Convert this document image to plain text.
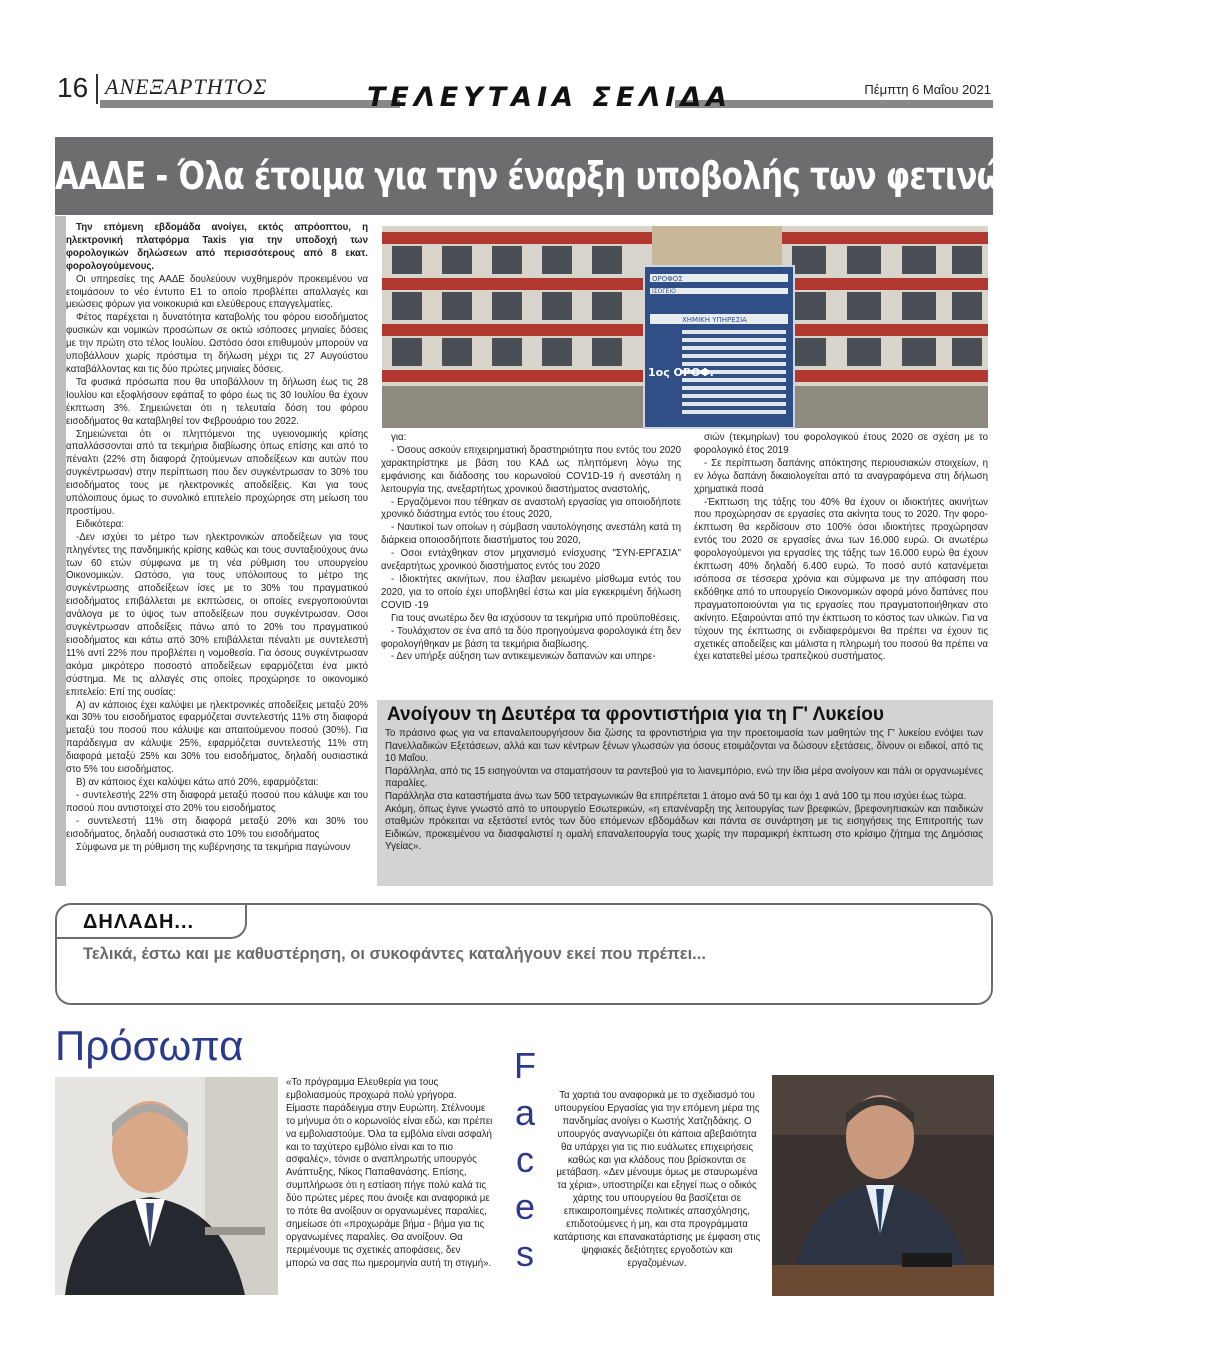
16 ΑΝΕΞΑΡΤΗΤΟΣ	ΤΕΛΕΥΤΑΙΑ ΣΕΛΙΔΑ	Πέμπτη 6 Μαΐου 2021
ΑΑΔΕ - Όλα έτοιμα για την έναρξη υποβολής των φετινών δηλώσεων

Την επόμενη εβδομάδα ανοίγει, εκτός απρόοπτου, η ηλεκτρονική πλατφόρμα Taxis για την υποδοχή των φορολογικών δηλώσεων από περισσότερους από 8 εκατ. φορολογούμενους.

Οι υπηρεσίες της ΑΑΔΕ δουλεύουν νυχθημερόν προκειμένου να ετοιμάσουν το νέο έντυπο Ε1 το οποίο προβλέπει απαλλαγές και μειώσεις φόρων για νοικοκυριά και ελεύθερους επαγγελματίες.

Φέτος παρέχεται η δυνατότητα καταβολής του φόρου εισοδήματος φυσικών και νομικών προσώπων σε οκτώ ισόποσες μηνιαίες δόσεις με την πρώτη στο τέλος Ιουλίου. Ωστόσο όσοι επιθυμούν μπορούν να υποβάλλουν χωρίς πρόστιμα τη δήλωση μέχρι τις 27 Αυγούστου καταβάλλοντας και τις δύο πρώτες μηνιαίες δόσεις.

Τα φυσικά πρόσωπα που θα υποβάλλουν τη δήλωση έως τις 28 Ιουλίου και εξοφλήσουν εφάπαξ το φόρο έως τις 30 Ιουλίου θα έχουν έκπτωση 3%. Σημειώνεται ότι η τελευταία δόση του φόρου εισοδήματος θα καταβληθεί τον Φεβρουάριο του 2022.

Σημειώνεται ότι οι πληττόμενοι της υγειονομικής κρίσης απαλλάσσονται από τα τεκμήρια διαβίωσης όπως επίσης και από το πέναλτι (22% στη διαφορά ζητούμενων αποδείξεων και αυτών που συγκέντρωσαν) στην περίπτωση που δεν συγκέντρωσαν το 30% του εισοδήματος τους με ηλεκτρονικές αποδείξεις. Και για τους υπόλοιπους όμως το συνολικό επιτελείο προχώρησε στη μείωση του προστίμου.

Ειδικότερα:

-Δεν ισχύει το μέτρο των ηλεκτρονικών αποδείξεων για τους πληγέντες της πανδημικής κρίσης καθώς και τους συνταξιούχους άνω των 60 ετών σύμφωνα με τη νέα ρύθμιση του υπουργείου Οικονομικών. Ωστόσο, για τους υπόλοιπους το μέτρο της συγκέντρωσης αποδείξεων ίσες με το 30% του πραγματικού εισοδήματος επιβάλλεται με εκπτώσεις, οι οποίες ενεργοποιούνται ανάλογα με το ύψος των αποδείξεων που συγκέντρωσαν. Οσοι συγκέντρωσαν αποδείξεις πάνω από το 20% του πραγματικού εισοδήματος και κάτω από 30% επιβάλλεται πέναλτι με συντελεστή 11% αντί 22% που προβλέπει η νομοθεσία. Για όσους συγκέντρωσαν ακόμα μικρότερο ποσοστό αποδείξεων εφαρμόζεται ένα μικτό σύστημα. Με τις αλλαγές στις οποίες προχώρησε το οικονομικό επιτελείο: Επί της ουσίας:

Α) αν κάποιος έχει καλύψει με ηλεκτρονικές αποδείξεις μεταξύ 20% και 30% του εισοδήματος εφαρμόζεται συντελεστής 11% στη διαφορά μεταξύ του ποσού που κάλυψε και απαιτούμενου ποσού (30%). Για παράδειγμα αν κάλυψε 25%, εφαρμόζεται συντελεστής 11% στη διαφορά μεταξύ 25% και 30% του εισοδήματος, δηλαδή ουσιαστικά στο 5% του εισοδήματος.

Β) αν κάποιος έχει καλύψει κάτω από 20%, εφαρμόζεται:

- συντελεστής 22% στη διαφορά μεταξύ ποσού που κάλυψε και του ποσού που αντιστοιχεί στο 20% του εισοδήματος

- συντελεστή 11% στη διαφορά μεταξύ 20% και 30% του εισοδήματος, δηλαδή ουσιαστικά στο 10% του εισοδήματος

Σύμφωνα με τη ρύθμιση της κυβέρνησης τα τεκμήρια παγώνουν

ΟΡΟΦΟΣ
ΙΣΟΓΕΙΟ
ΧΗΜΙΚΗ ΥΠΗΡΕΣΙΑ
1ος ΟΡΟΦ.

για:

- Όσους ασκούν επιχειρηματική δραστηριότητα που εντός του 2020 χαρακτηρίστηκε με βάση του ΚΑΔ ως πληττόμενη λόγω της εμφάνισης και διάδοσης του κορωνοϊού COV1D-19 ή ανεστάλη η λειτουργία της, ανεξαρτήτως χρονικού διαστήματος αναστολής,

- Εργαζόμενοι που τέθηκαν σε αναστολή εργασίας για οποιοδήποτε χρονικό διάστημα εντός του έτους 2020,

- Ναυτικοί των οποίων η σύμβαση ναυτολόγησης ανεστάλη κατά τη διάρκεια οποιοσδήποτε διαστήματος του 2020,

- Οσοι εντάχθηκαν στον μηχανισμό ενίσχυσης "ΣΥΝ-ΕΡΓΑΣΙΑ" ανεξαρτήτως χρονικού διαστήματος εντός του 2020

- Ιδιοκτήτες ακινήτων, που έλαβαν μειωμένο μίσθωμα εντός του 2020, για το οποίο έχει υποβληθεί έστω και μία εγκεκριμένη δήλωση COVID -19

Για τους ανωτέρω δεν θα ισχύσουν τα τεκμήρια υπό προϋποθέσεις.

- Τουλάχιστον σε ένα από τα δύο προηγούμενα φορολογικά έτη δεν φορολογήθηκαν με βάση τα τεκμήρια διαβίωσης.

- Δεν υπήρξε αύξηση των αντικειμενικών δαπανών και υπηρε-

σιών (τεκμηρίων) του φορολογικού έτους 2020 σε σχέση με το φορολογικό έτος 2019

- Σε περίπτωση δαπάνης απόκτησης περιουσιακών στοιχείων, η εν λόγω δαπάνη δικαιολογείται από τα αναγραφόμενα στη δήλωση χρηματικά ποσά

-Έκπτωση της τάξης του 40% θα έχουν οι ιδιοκτήτες ακινήτων που προχώρησαν σε εργασίες στα ακίνητα τους το 2020. Την φορο-έκπτωση θα κερδίσουν στο 100% όσοι ιδιοκτήτες προχώρησαν εντός του 2020 σε εργασίες άνω των 16.000 ευρώ. Οι ανωτέρω φορολογούμενοι για εργασίες της τάξης των 16.000 ευρώ θα έχουν έκπτωση 40% δηλαδή 6.400 ευρώ. Το ποσό αυτό κατανέμεται ισόποσα σε τέσσερα χρόνια και σύμφωνα με την απόφαση που εκδόθηκε από το υπουργείο Οικονομικών αφορά μόνο δαπάνες που πραγματοποιούνται για τις εργασίες που πραγματοποιήθηκαν στο ακίνητο. Εξαιρούνται από την έκπτωση το κόστος των υλικών. Για να τύχουν της έκπτωσης οι ενδιαφερόμενοι θα πρέπει να έχουν τις σχετικές αποδείξεις και μάλιστα η πληρωμή του ποσού θα πρέπει να έχει κατατεθεί μέσω τραπεζικού συστήματος.

Ανοίγουν τη Δευτέρα τα φροντιστήρια για τη Γ' Λυκείου

Το πράσινο φως για να επαναλειτουργήσουν δια ζώσης τα φροντιστήρια για την προετοιμασία των μαθητών της Γ' λυκείου ενόψει των Πανελλαδικών Εξετάσεων, αλλά και των κέντρων ξένων γλωσσών για όσους ετοιμάζονται να δώσουν εξετάσεις, δίνουν οι ειδικοί, από τις 10 Μαΐου.

Παράλληλα, από τις 15 εισηγούνται να σταματήσουν τα ραντεβού για το λιανεμπόριο, ενώ την ίδια μέρα ανοίγουν και πάλι οι οργανωμένες παραλίες.

Παράλληλα στα καταστήματα άνω των 500 τετραγωνικών θα επιτρέπεται 1 άτομο ανά 50 τμ και όχι 1 ανά 100 τμ που ισχύει έως τώρα.

Ακόμη, όπως έγινε γνωστό από το υπουργείο Εσωτερικών, «η επανέναρξη της λειτουργίας των βρεφικών, βρεφονηπιακών και παιδικών σταθμών πρόκειται να εξετάστεί εντός των δύο επόμενων εβδομάδων και πάντα σε συνάρτηση με τις εισηγήσεις της Επιτροπής των Ειδικών, προκειμένου να διασφαλιστεί η ομαλή επαναλειτουργία τους χωρίς την παραμικρή έκπτωση στο κρίσιμο ζήτημα της Δημόσιας Υγείας».

ΔΗΛΑΔΗ...
Τελικά, έστω και με καθυστέρηση, οι συκοφάντες καταλήγουν εκεί που πρέπει...
Πρόσωπα	F
a
c
e
s
«Το πρόγραμμα Ελευθερία για τους εμβολιασμούς προχωρά πολύ γρήγορα. Είμαστε παράδειγμα στην Ευρώπη. Στέλνουμε το μήνυμα ότι ο κορωνοϊός είναι εδώ, και πρέπει να εμβολιαστούμε. Όλα τα εμβόλια είναι ασφαλή και το ταχύτερο εμβόλιο είναι και το πιο ασφαλές», τόνισε ο αναπληρωτής υπουργός Ανάπτυξης, Νίκος Παπαθανάσης. Επίσης, συμπλήρωσε ότι η εστίαση πήγε πολύ καλά τις δύο πρώτες μέρες που άνοιξε και αναφορικά με το πότε θα ανοίξουν οι οργανωμένες παραλίες, σημείωσε ότι «προχωράμε βήμα - βήμα για τις οργανωμένες παραλίες. Θα ανοίξουν. Θα περιμένουμε τις σχετικές αποφάσεις, δεν μπορώ να σας πω ημερομηνία αυτή τη στιγμή».
Τα χαρτιά του αναφορικά με το σχεδιασμό του υπουργείου Εργασίας για την επόμενη μέρα της πανδημίας ανοίγει ο Κωστής Χατζηδάκης. Ο υπουργός αναγνωρίζει ότι κάποια αβεβαιότητα θα υπάρχει για τις πιο ευάλωτες επιχειρήσεις καθώς και για κλάδους που βρίσκονται σε μετάβαση. «Δεν μένουμε όμως με σταυρωμένα τα χέρια», υποστηρίζει και εξηγεί πως ο οδικός χάρτης του υπουργείου θα βασίζεται σε επικαιροποιημένες πολιτικές απασχόλησης, επιδοτούμενες ή μη, και στα προγράμματα κατάρτισης και επανακατάρτισης με έμφαση στις ψηφιακές δεξιότητες εργοδοτών και εργαζομένων.
